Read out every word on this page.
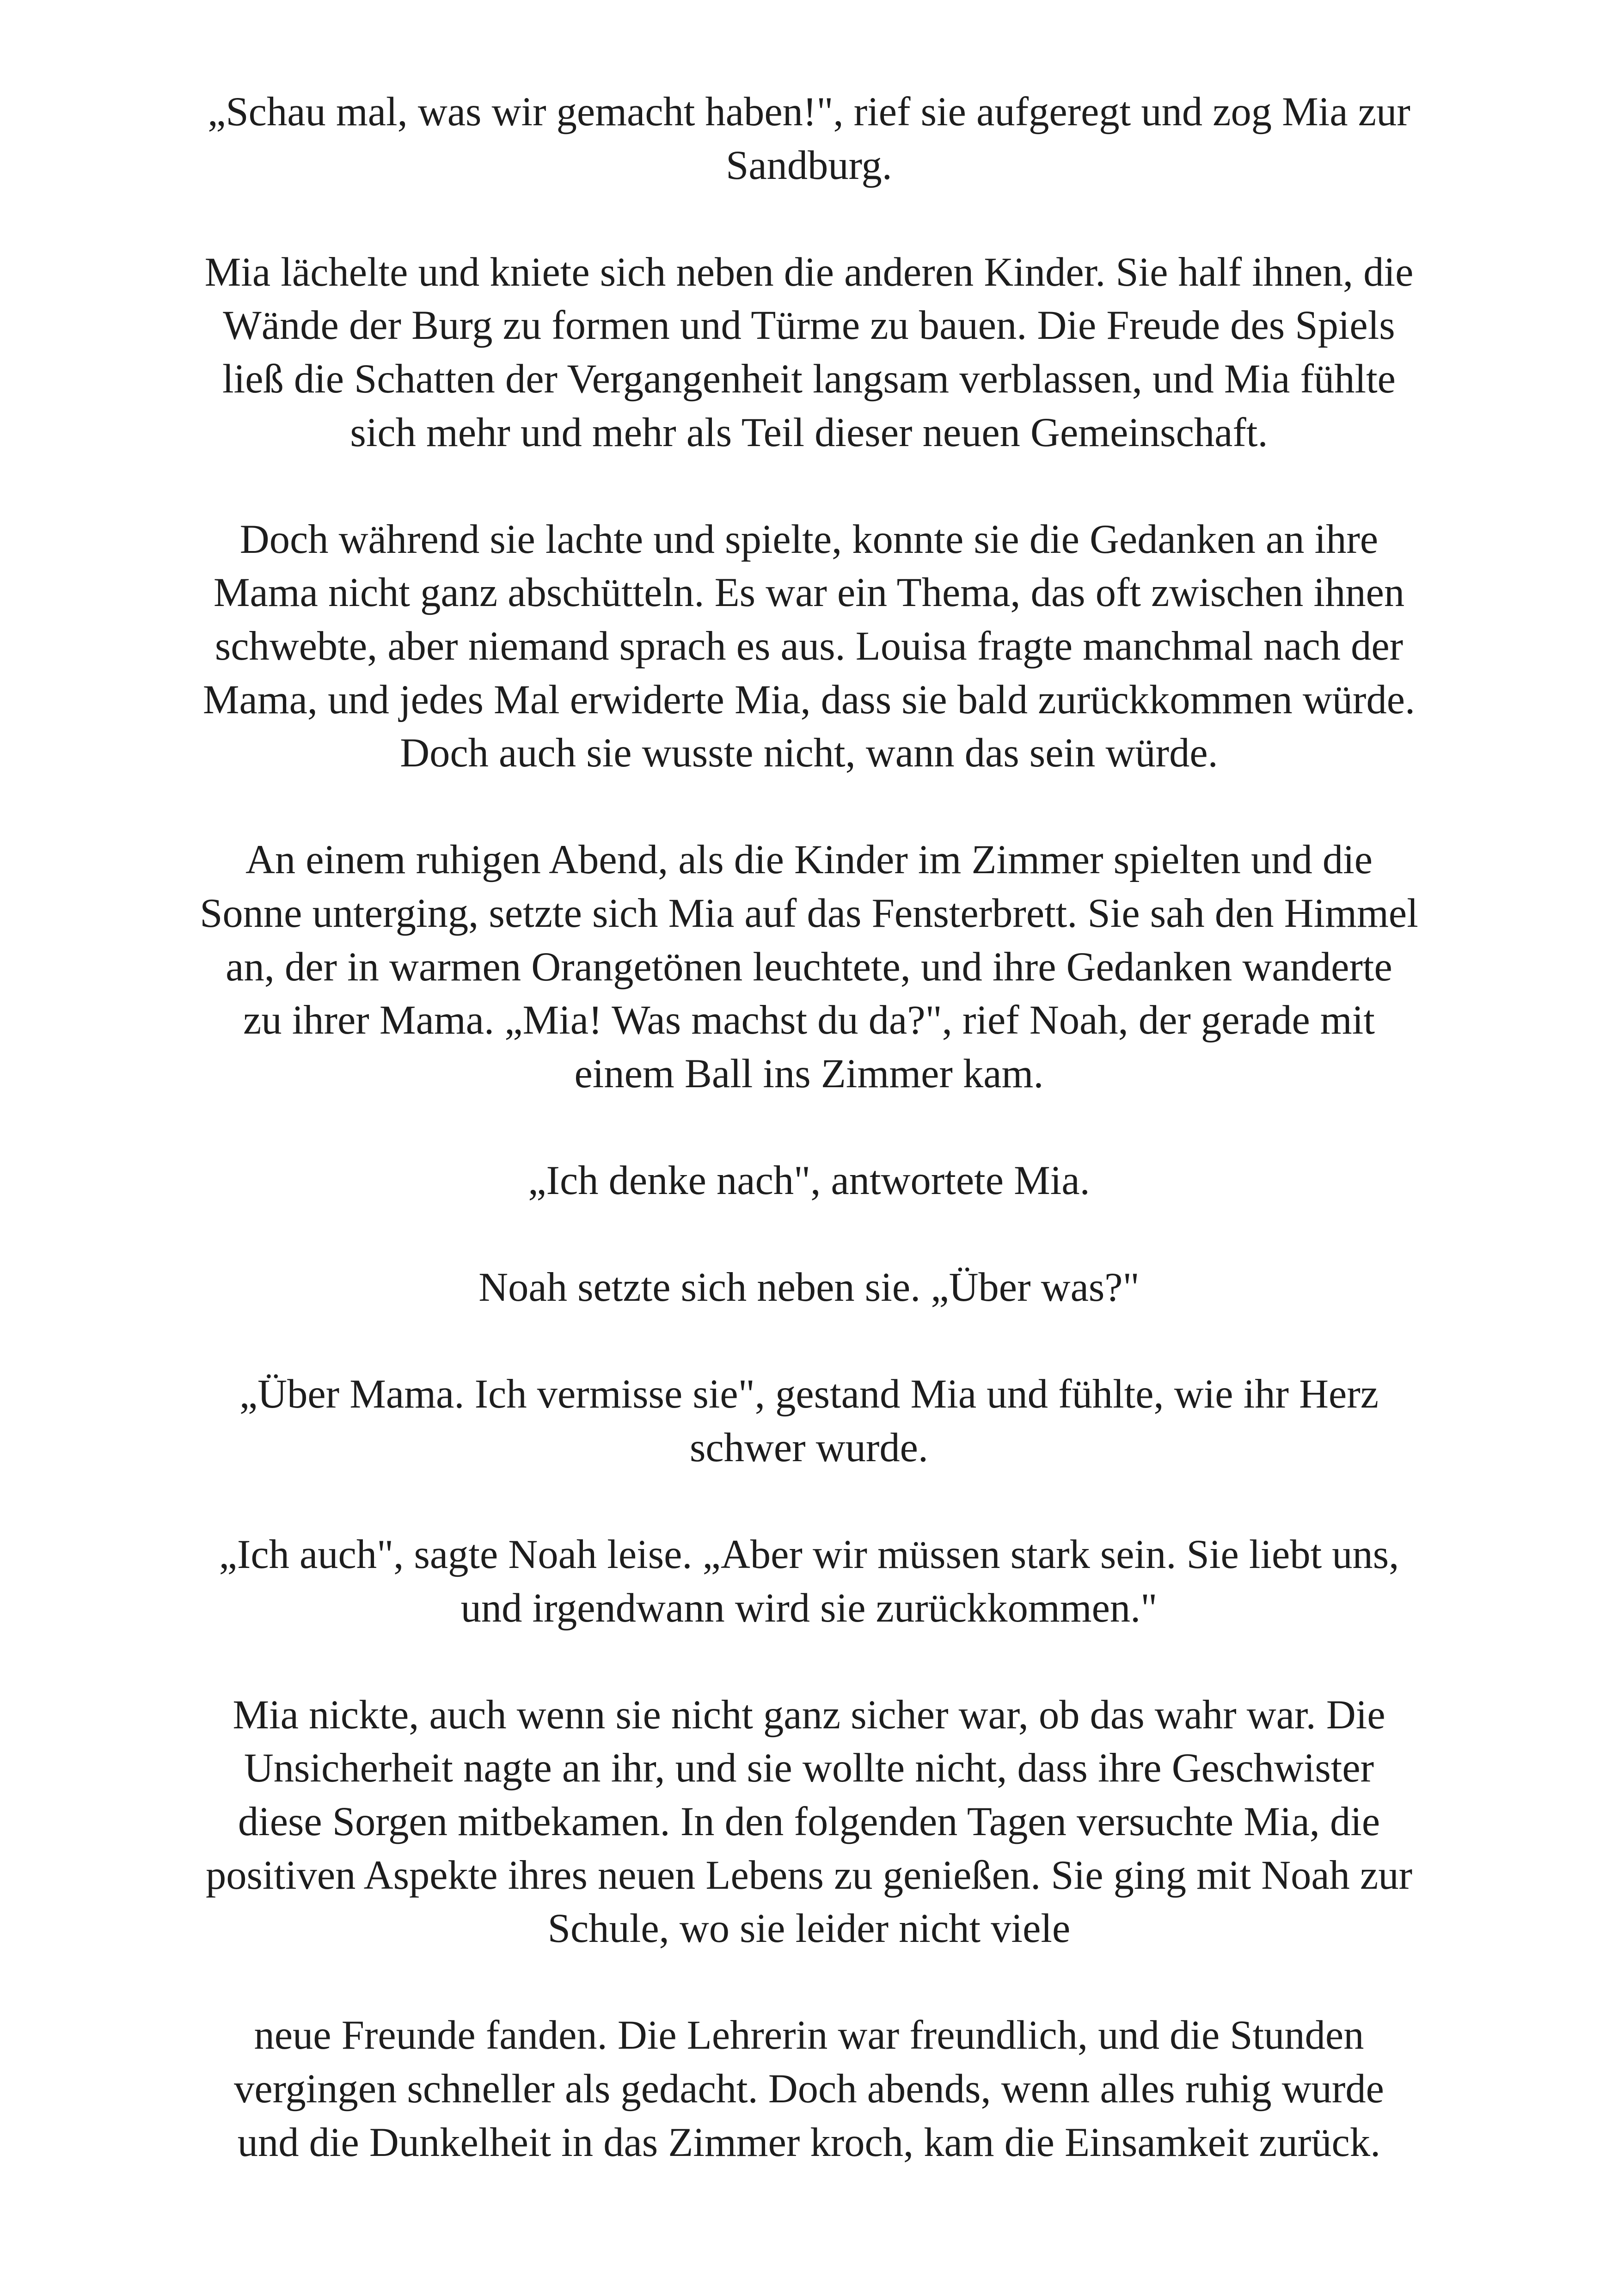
„Schau mal, was wir gemacht haben!", rief sie aufgeregt und zog Mia zur
Sandburg.

Mia lächelte und kniete sich neben die anderen Kinder. Sie half ihnen, die
Wände der Burg zu formen und Türme zu bauen. Die Freude des Spiels
ließ die Schatten der Vergangenheit langsam verblassen, und Mia fühlte
sich mehr und mehr als Teil dieser neuen Gemeinschaft.

Doch während sie lachte und spielte, konnte sie die Gedanken an ihre
Mama nicht ganz abschütteln. Es war ein Thema, das oft zwischen ihnen
schwebte, aber niemand sprach es aus. Louisa fragte manchmal nach der
Mama, und jedes Mal erwiderte Mia, dass sie bald zurückkommen würde.
Doch auch sie wusste nicht, wann das sein würde.

An einem ruhigen Abend, als die Kinder im Zimmer spielten und die
Sonne unterging, setzte sich Mia auf das Fensterbrett. Sie sah den Himmel
an, der in warmen Orangetönen leuchtete, und ihre Gedanken wanderte
zu ihrer Mama. „Mia! Was machst du da?", rief Noah, der gerade mit
einem Ball ins Zimmer kam.

„Ich denke nach", antwortete Mia.

Noah setzte sich neben sie. „Über was?"

„Über Mama. Ich vermisse sie", gestand Mia und fühlte, wie ihr Herz
schwer wurde.

„Ich auch", sagte Noah leise. „Aber wir müssen stark sein. Sie liebt uns,
und irgendwann wird sie zurückkommen."

Mia nickte, auch wenn sie nicht ganz sicher war, ob das wahr war. Die
Unsicherheit nagte an ihr, und sie wollte nicht, dass ihre Geschwister
diese Sorgen mitbekamen. In den folgenden Tagen versuchte Mia, die
positiven Aspekte ihres neuen Lebens zu genießen. Sie ging mit Noah zur
Schule, wo sie leider nicht viele

neue Freunde fanden. Die Lehrerin war freundlich, und die Stunden
vergingen schneller als gedacht. Doch abends, wenn alles ruhig wurde
und die Dunkelheit in das Zimmer kroch, kam die Einsamkeit zurück.
